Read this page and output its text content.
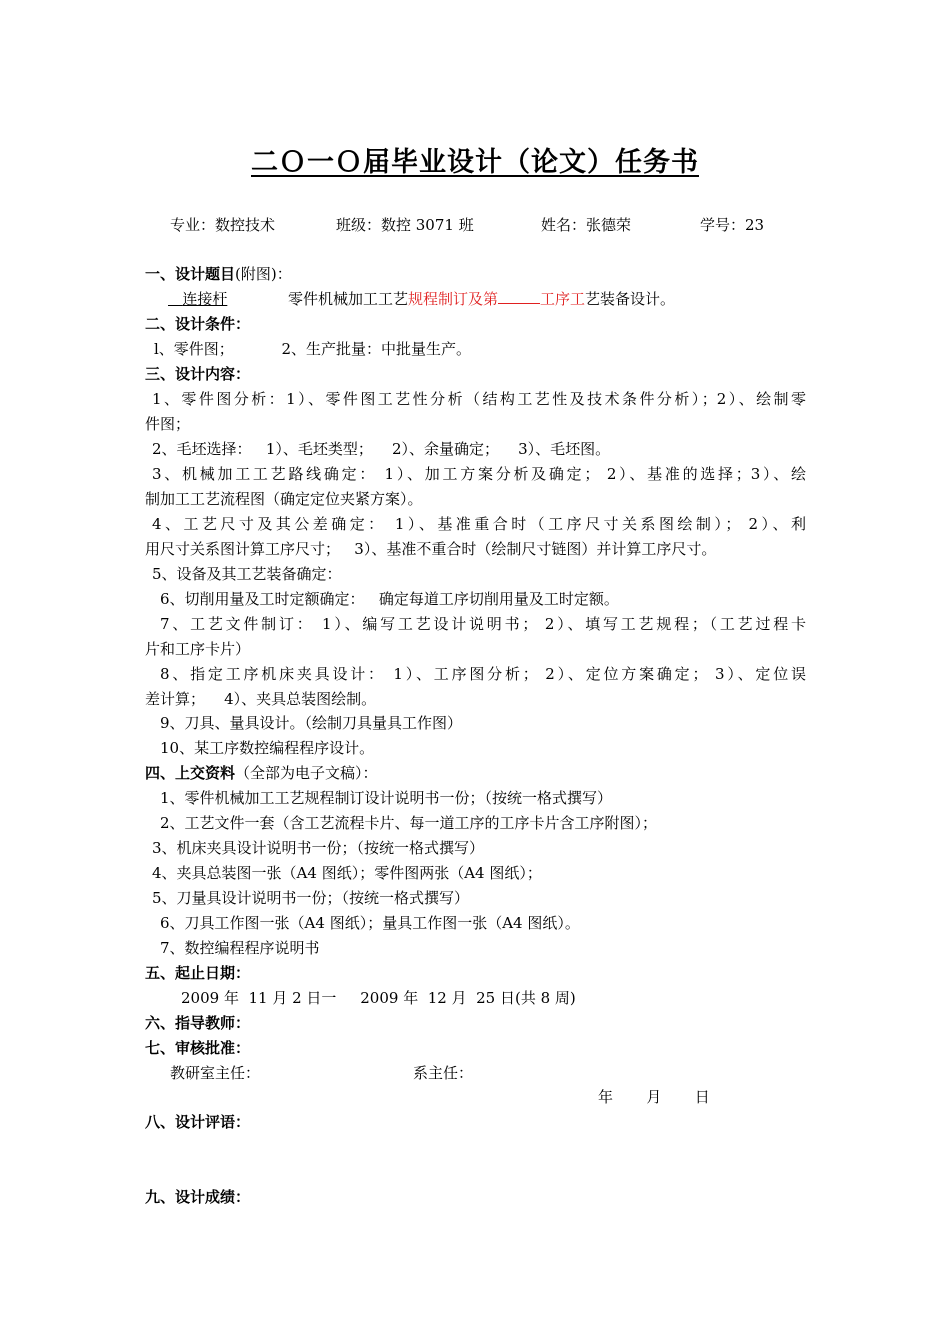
二Ｏ一Ｏ届毕业设计（论文）任务书
专业：数控技术	班级：数控 3071 班	姓名：张德荣	学号：23
一、设计题目(附图)：
连接杆	零件机械加工工艺规程制订及第	工序工艺装备设计。
二、设计条件：
l、零件图；          2、生产批量：中批量生产。
三、设计内容：
1、零件图分析：1）、零件图工艺性分析（结构工艺性及技术条件分析）；2）、绘制零
件图；
2、毛坯选择：   1）、毛坯类型；    2）、余量确定；    3）、毛坯图。
3、机械加工工艺路线确定： 1）、加工方案分析及确定； 2）、基准的选择；3）、绘
制加工工艺流程图（确定定位夹紧方案）。
4、工艺尺寸及其公差确定： 1）、基准重合时（工序尺寸关系图绘制）； 2）、利
用尺寸关系图计算工序尺寸；   3）、基准不重合时（绘制尺寸链图）并计算工序尺寸。
5、设备及其工艺装备确定：
6、切削用量及工时定额确定：   确定每道工序切削用量及工时定额。
7、工艺文件制订： 1）、编写工艺设计说明书； 2）、填写工艺规程；（工艺过程卡
片和工序卡片）
8、指定工序机床夹具设计： 1）、工序图分析； 2）、定位方案确定； 3）、定位误
差计算；    4）、夹具总装图绘制。
9、刀具、量具设计。（绘制刀具量具工作图）
10、某工序数控编程程序设计。
四、上交资料（全部为电子文稿）：
1、零件机械加工工艺规程制订设计说明书一份；（按统一格式撰写）
2、工艺文件一套（含工艺流程卡片、每一道工序的工序卡片含工序附图）；
3、机床夹具设计说明书一份；（按统一格式撰写）
4、夹具总装图一张（A4 图纸）；零件图两张（A4 图纸）；
5、刀量具设计说明书一份；（按统一格式撰写）
6、刀具工作图一张（A4 图纸）；量具工作图一张（A4 图纸）。
7、数控编程程序说明书
五、起止日期：
2009 年  11 月 2 日一     2009 年  12 月  25 日(共 8 周)
六、指导教师：
七、审核批准：
教研室主任：	系主任：
年       月       日
八、设计评语：
九、设计成绩：
